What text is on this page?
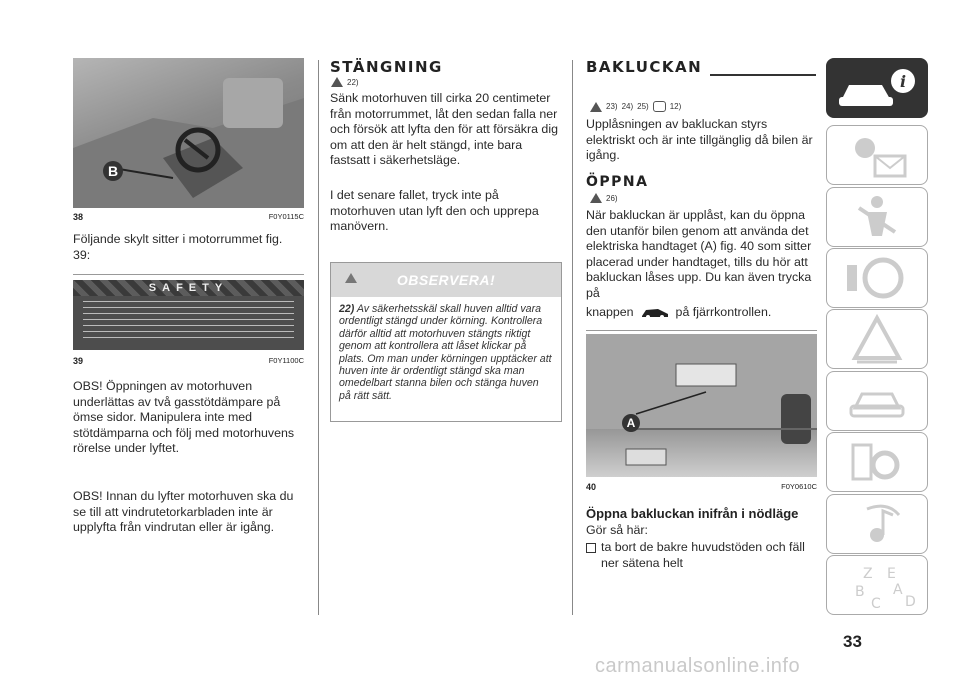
B
38	F0Y0115C
Följande skylt sitter i motorrummet fig. 39:
SAFETY
39	F0Y1100C
OBS! Öppningen av motorhuven underlättas av två gasstötdämpare på ömse sidor. Manipulera inte med stötdämparna och följ med motorhuvens rörelse under lyftet.
OBS! Innan du lyfter motorhuven ska du se till att vindrutetorkarbladen inte är upplyfta från vindrutan eller är igång.
STÄNGNING
22)
Sänk motorhuven till cirka 20 centimeter från motorrummet, låt den sedan falla ner och försök att lyfta den för att försäkra dig om att den är helt stängd, inte bara fastsatt i säkerhetsläge.
I det senare fallet, tryck inte på motorhuven utan lyft den och upprepa manövern.
OBSERVERA!
22) Av säkerhetsskäl skall huven alltid vara ordentligt stängd under körning. Kontrollera därför alltid att motorhuven stängts riktigt genom att kontrollera att låset klickar på plats. Om man under körningen upptäcker att huven inte är ordentligt stängd ska man omedelbart stanna bilen och stänga huven på rätt sätt.
BAKLUCKAN
23) 24) 25)	12)
Upplåsningen av bakluckan styrs elektriskt och är inte tillgänglig då bilen är igång.
ÖPPNA
26)
När bakluckan är upplåst, kan du öppna den utanför bilen genom att använda det elektriska handtaget (A) fig. 40 som sitter placerad under handtaget, tills du hör att bakluckan låses upp. Du kan även trycka på
knappen	på fjärrkontrollen.
A
40	F0Y0610C
Öppna bakluckan inifrån i nödläge
Gör så här:
ta bort de bakre huvudstöden och fäll ner sätena helt
i
Z E
B A
C D
33
carmanualsonline.info
